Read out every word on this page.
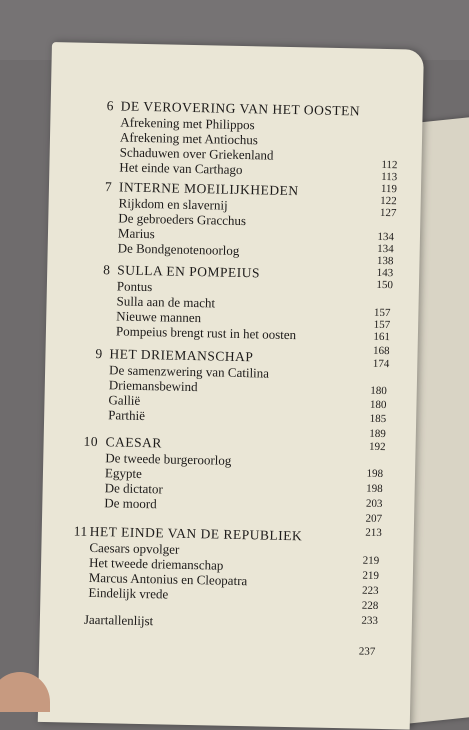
6 DE VEROVERING VAN HET OOSTEN
Afrekening met Philippos
Afrekening met Antiochus
Schaduwen over Griekenland
Het einde van Carthago
7 INTERNE MOEILIJKHEDEN
Rijkdom en slavernij
De gebroeders Gracchus
Marius
De Bondgenotenoorlog
8 SULLA EN POMPEIUS
Pontus
Sulla aan de macht
Nieuwe mannen
Pompeius brengt rust in het oosten
9 HET DRIEMANSCHAP
De samenzwering van Catilina
Driemansbewind
Gallië
Parthië
10 CAESAR
De tweede burgeroorlog
Egypte
De dictator
De moord
11 HET EINDE VAN DE REPUBLIEK
Caesars opvolger
Het tweede driemanschap
Marcus Antonius en Cleopatra
Eindelijk vrede
Jaartallenlijst
112
113
119
122
127
134
134
138
143
150
157
157
161
168
174
180
180
185
189
192
198
198
203
207
213
219
219
223
228
233
237
